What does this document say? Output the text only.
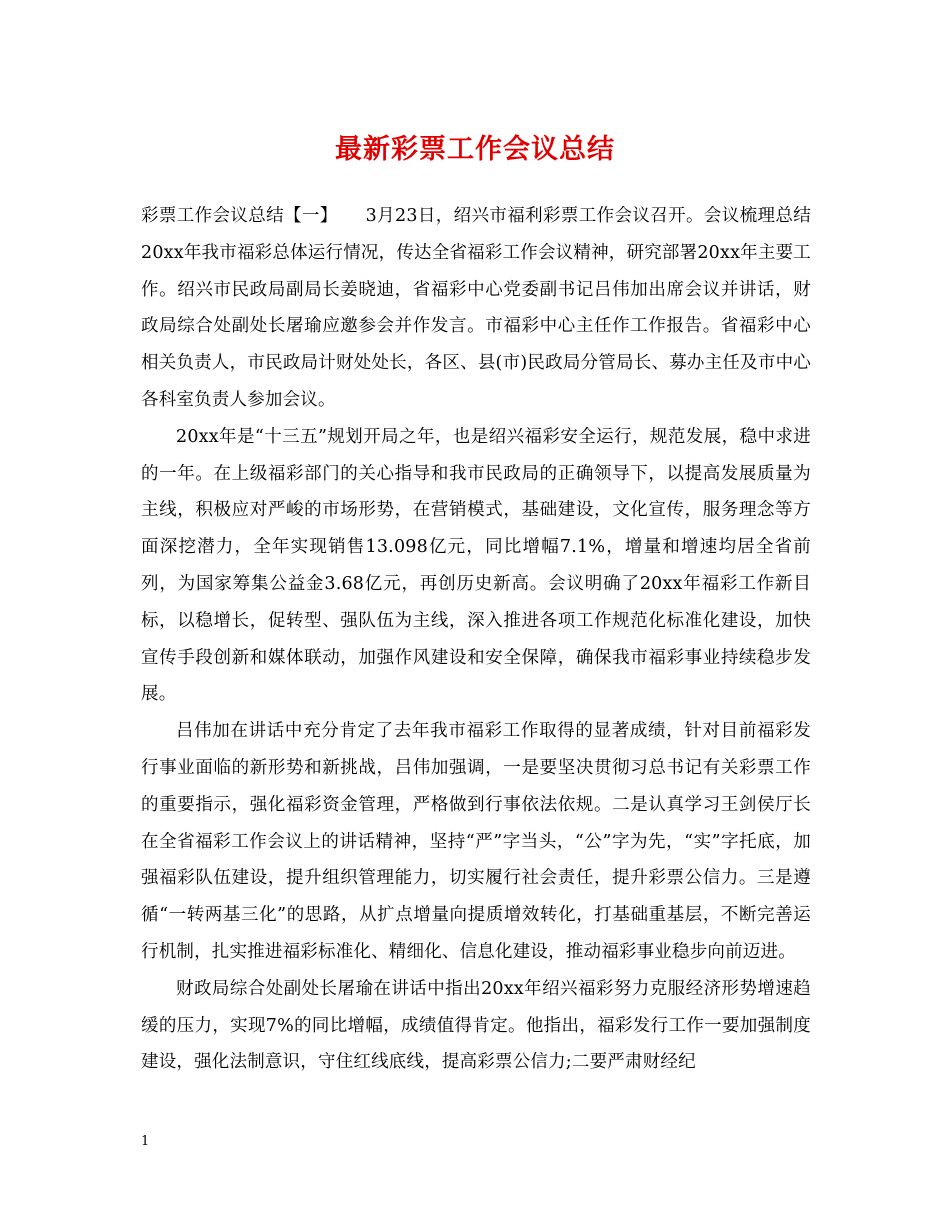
最新彩票工作会议总结

彩票工作会议总结【一】 3月23日，绍兴市福利彩票工作会议召开。会议梳理总结20xx年我市福彩总体运行情况，传达全省福彩工作会议精神，研究部署20xx年主要工作。绍兴市民政局副局长姜晓迪，省福彩中心党委副书记吕伟加出席会议并讲话，财政局综合处副处长屠瑜应邀参会并作发言。市福彩中心主任作工作报告。省福彩中心相关负责人，市民政局计财处处长，各区、县(市)民政局分管局长、募办主任及市中心各科室负责人参加会议。

20xx年是“十三五”规划开局之年，也是绍兴福彩安全运行，规范发展，稳中求进的一年。在上级福彩部门的关心指导和我市民政局的正确领导下，以提高发展质量为主线，积极应对严峻的市场形势，在营销模式，基础建设，文化宣传，服务理念等方面深挖潜力，全年实现销售13.098亿元，同比增幅7.1%，增量和增速均居全省前列，为国家筹集公益金3.68亿元，再创历史新高。会议明确了20xx年福彩工作新目标，以稳增长，促转型、强队伍为主线，深入推进各项工作规范化标准化建设，加快宣传手段创新和媒体联动，加强作风建设和安全保障，确保我市福彩事业持续稳步发展。

吕伟加在讲话中充分肯定了去年我市福彩工作取得的显著成绩，针对目前福彩发行事业面临的新形势和新挑战，吕伟加强调，一是要坚决贯彻习总书记有关彩票工作的重要指示，强化福彩资金管理，严格做到行事依法依规。二是认真学习王剑侯厅长在全省福彩工作会议上的讲话精神，坚持“严”字当头，“公”字为先，“实”字托底，加强福彩队伍建设，提升组织管理能力，切实履行社会责任，提升彩票公信力。三是遵循“一转两基三化”的思路，从扩点增量向提质增效转化，打基础重基层，不断完善运行机制，扎实推进福彩标准化、精细化、信息化建设，推动福彩事业稳步向前迈进。

财政局综合处副处长屠瑜在讲话中指出20xx年绍兴福彩努力克服经济形势增速趋缓的压力，实现7%的同比增幅，成绩值得肯定。他指出，福彩发行工作一要加强制度建设，强化法制意识，守住红线底线，提高彩票公信力;二要严肃财经纪

1
